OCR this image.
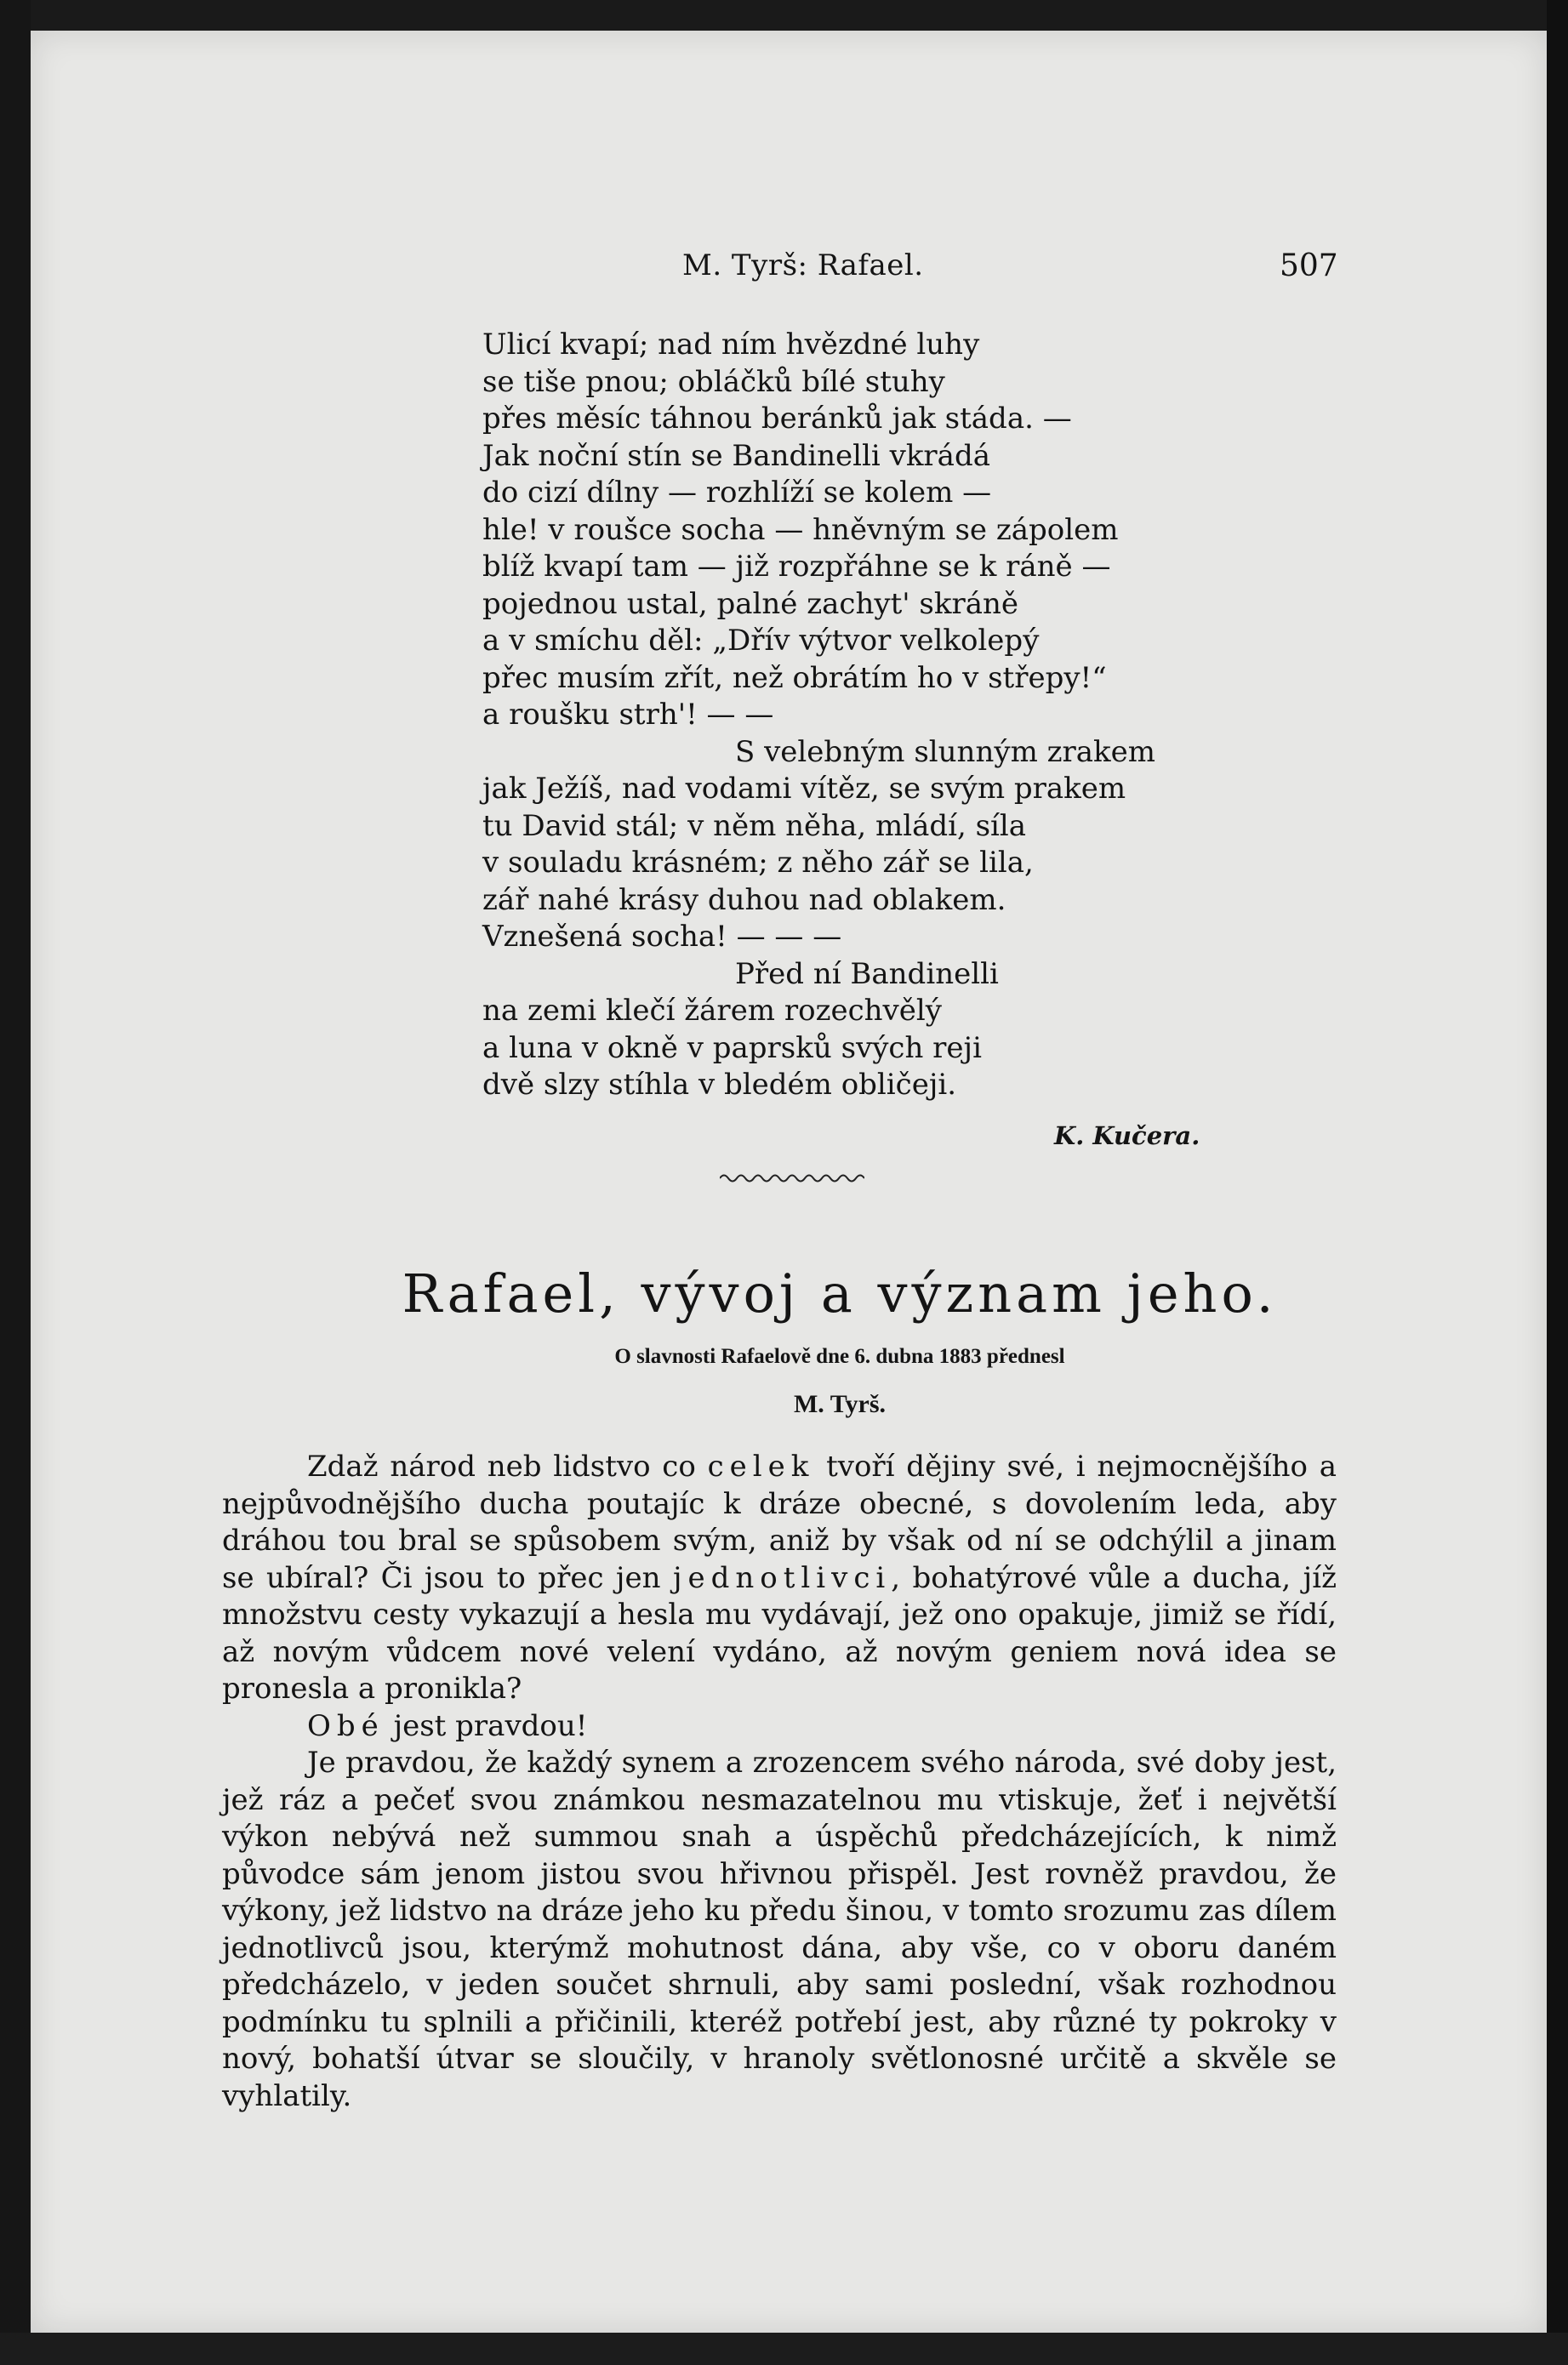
M. Tyrš: Rafael.	507
Ulicí kvapí; nad ním hvězdné luhy
se tiše pnou; obláčků bílé stuhy
přes měsíc táhnou beránků jak stáda. —
Jak noční stín se Bandinelli vkrádá
do cizí dílny — rozhlíží se kolem —
hle! v roušce socha — hněvným se zápolem
blíž kvapí tam — již rozpřáhne se k ráně —
pojednou ustal, palné zachyt' skráně
a v smíchu děl: „Dřív výtvor velkolepý
přec musím zřít, než obrátím ho v střepy!“
a roušku strh'! — —
S velebným slunným zrakem
jak Ježíš, nad vodami vítěz, se svým prakem
tu David stál; v něm něha, mládí, síla
v souladu krásném; z něho zář se lila,
zář nahé krásy duhou nad oblakem.
Vznešená socha! — — —
Před ní Bandinelli
na zemi klečí žárem rozechvělý
a luna v okně v paprsků svých reji
dvě slzy stíhla v bledém obličeji.
K. Kučera.
Rafael, vývoj a význam jeho.
O slavnosti Rafaelově dne 6. dubna 1883 přednesl
M. Tyrš.

Zdaž národ neb lidstvo co celek tvoří dějiny své, i nejmocnějšího a nejpůvodnějšího ducha poutajíc k dráze obecné, s dovolením leda, aby dráhou tou bral se spůsobem svým, aniž by však od ní se odchýlil a jinam se ubíral? Či jsou to přec jen jednotlivci, bohatýrové vůle a ducha, jíž množstvu cesty vykazují a hesla mu vydávají, jež ono opakuje, jimiž se řídí, až novým vůdcem nové velení vydáno, až novým geniem nová idea se pronesla a pronikla?

Obé jest pravdou!

Je pravdou, že každý synem a zrozencem svého národa, své doby jest, jež ráz a pečeť svou známkou nesmazatelnou mu vtiskuje, žeť i největší výkon nebývá než summou snah a úspěchů předcházejících, k nimž původce sám jenom jistou svou hřivnou přispěl. Jest rovněž pravdou, že výkony, jež lidstvo na dráze jeho ku předu šinou, v tomto srozumu zas dílem jednotlivců jsou, kterýmž mohutnost dána, aby vše, co v oboru daném předcházelo, v jeden součet shrnuli, aby sami poslední, však rozhodnou podmínku tu splnili a přičinili, kteréž potřebí jest, aby různé ty pokroky v nový, bohatší útvar se sloučily, v hranoly světlonosné určitě a skvěle se vyhlatily.
